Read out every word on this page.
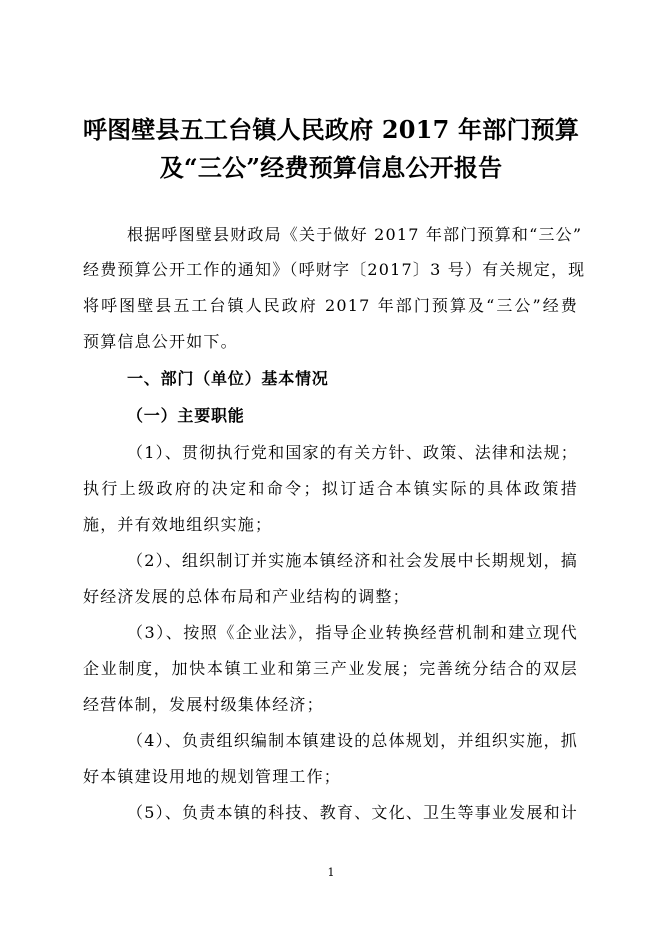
呼图壁县五工台镇人民政府 2017 年部门预算
及“三公”经费预算信息公开报告
根据呼图壁县财政局《关于做好 2017 年部门预算和“三公”
经费预算公开工作的通知》（呼财字〔2017〕3 号）有关规定，现
将呼图壁县五工台镇人民政府 2017 年部门预算及“三公”经费
预算信息公开如下。
一、部门（单位）基本情况
（一）主要职能
（1）、贯彻执行党和国家的有关方针、政策、法律和法规；
执行上级政府的决定和命令；拟订适合本镇实际的具体政策措
施，并有效地组织实施；
（2）、组织制订并实施本镇经济和社会发展中长期规划，搞
好经济发展的总体布局和产业结构的调整；
（3）、按照《企业法》，指导企业转换经营机制和建立现代
企业制度，加快本镇工业和第三产业发展；完善统分结合的双层
经营体制，发展村级集体经济；
（4）、负责组织编制本镇建设的总体规划，并组织实施，抓
好本镇建设用地的规划管理工作；
（5）、负责本镇的科技、教育、文化、卫生等事业发展和计
1
